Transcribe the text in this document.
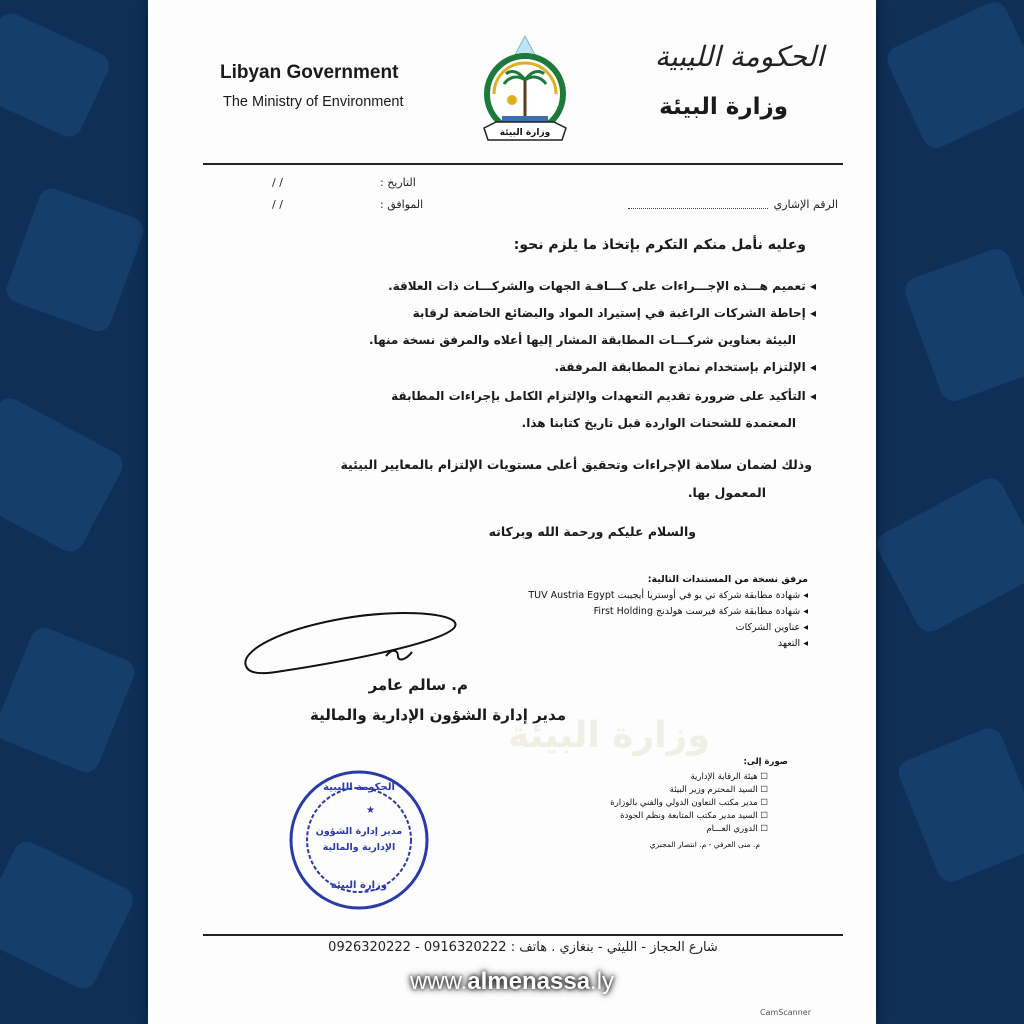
Libyan Government
The Ministry of Environment
الحكومة الليبية
وزارة البيئة
وزارة البيئة
التاريخ :
/ /
الموافق :
/ /	الرقم الإشاري
وعليه نأمل منكم التكرم بإتخاذ ما يلزم نحو:
◂ تعميم هـــذه الإجـــراءات على كـــافـة الجهات والشركـــات ذات العلاقة.
◂ إحاطة الشركات الراغبة في إستيراد المواد والبضائع الخاضعة لرقابة
البيئة بعناوين شركـــات المطابقة المشار إليها أعلاه والمرفق نسخة منها.
◂ الإلتزام بإستخدام نماذج المطابقة المرفقة.
◂ التأكيد على ضرورة تقديم التعهدات والإلتزام الكامل بإجراءات المطابقة
المعتمدة للشحنات الواردة قبل تاريخ كتابنا هذا.
وذلك لضمان سلامة الإجراءات وتحقيق أعلى مستويات الإلتزام بالمعايير البيئية
المعمول بها.
والسلام عليكم ورحمة الله وبركاته
مرفق نسخة من المستندات التالية:
◂ شهادة مطابقة شركة تي يو في أوستريا أيجيبت TUV Austria Egypt
◂ شهادة مطابقة شركة فيرست هولدنج First Holding
◂ عناوين الشركات
◂ التعهد
م. سالم عامر
مدير إدارة الشؤون الإدارية والمالية
وزارة البيئة
★
الحكومة الليبية
مدير إدارة الشؤون
الإدارية والمالية
وزارة البيئة
صورة إلى:
☐ هيئة الرقابة الإدارية
☐ السيد المحترم وزير البيئة
☐ مدير مكتب التعاون الدولي والفني بالوزارة
☐ السيد مدير مكتب المتابعة ونظم الجودة
☐ الدوري العـــام
م. منى العرفي - م. انتصار المجبري
شارع الحجاز - الليثي - بنغازي . هاتف : 0916320222 - 0926320222
www.almenassa.ly
CamScanner
